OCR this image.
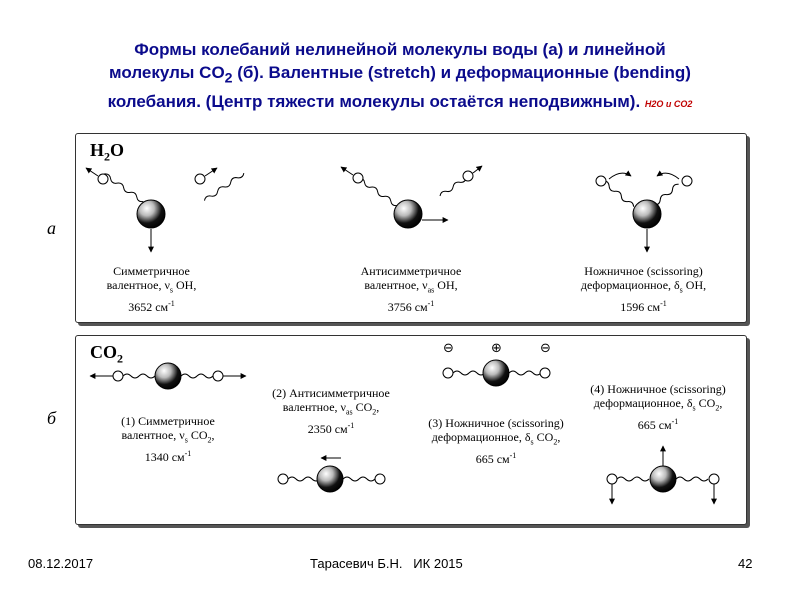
Формы колебаний нелинейной молекулы воды (а) и линейной
молекулы $CO_2$ (б). Валентные (stretch) и деформационные (bending)
колебания. (Центр тяжести молекулы остаётся неподвижным). H2O и CO2
а
б
$H_2O$
Симметричное
валентное, $\nu_s$ OH,
3652 $см^{-1}$
Антисимметричное
валентное, $\nu_{as}$ OH,
3756 $см^{-1}$
Ножничное (scissoring)
деформационное, $\delta_s$ OH,
1596 $см^{-1}$
$CO_2$
⊖	⊕	⊖
(1) Симметричное
валентное, $\nu_s$ $CO_2$,
1340 $см^{-1}$
(2) Антисимметричное
валентное, $\nu_{as}$ $CO_2$,
2350 $см^{-1}$	(3) Ножничное (scissoring)
деформационное, $\delta_s$ $CO_2$,
665 $см^{-1}$
(4) Ножничное (scissoring)
деформационное, $\delta_s$ $CO_2$,
665 $см^{-1}$
08.12.2017	Тарасевич Б.Н.   ИК 2015	42
